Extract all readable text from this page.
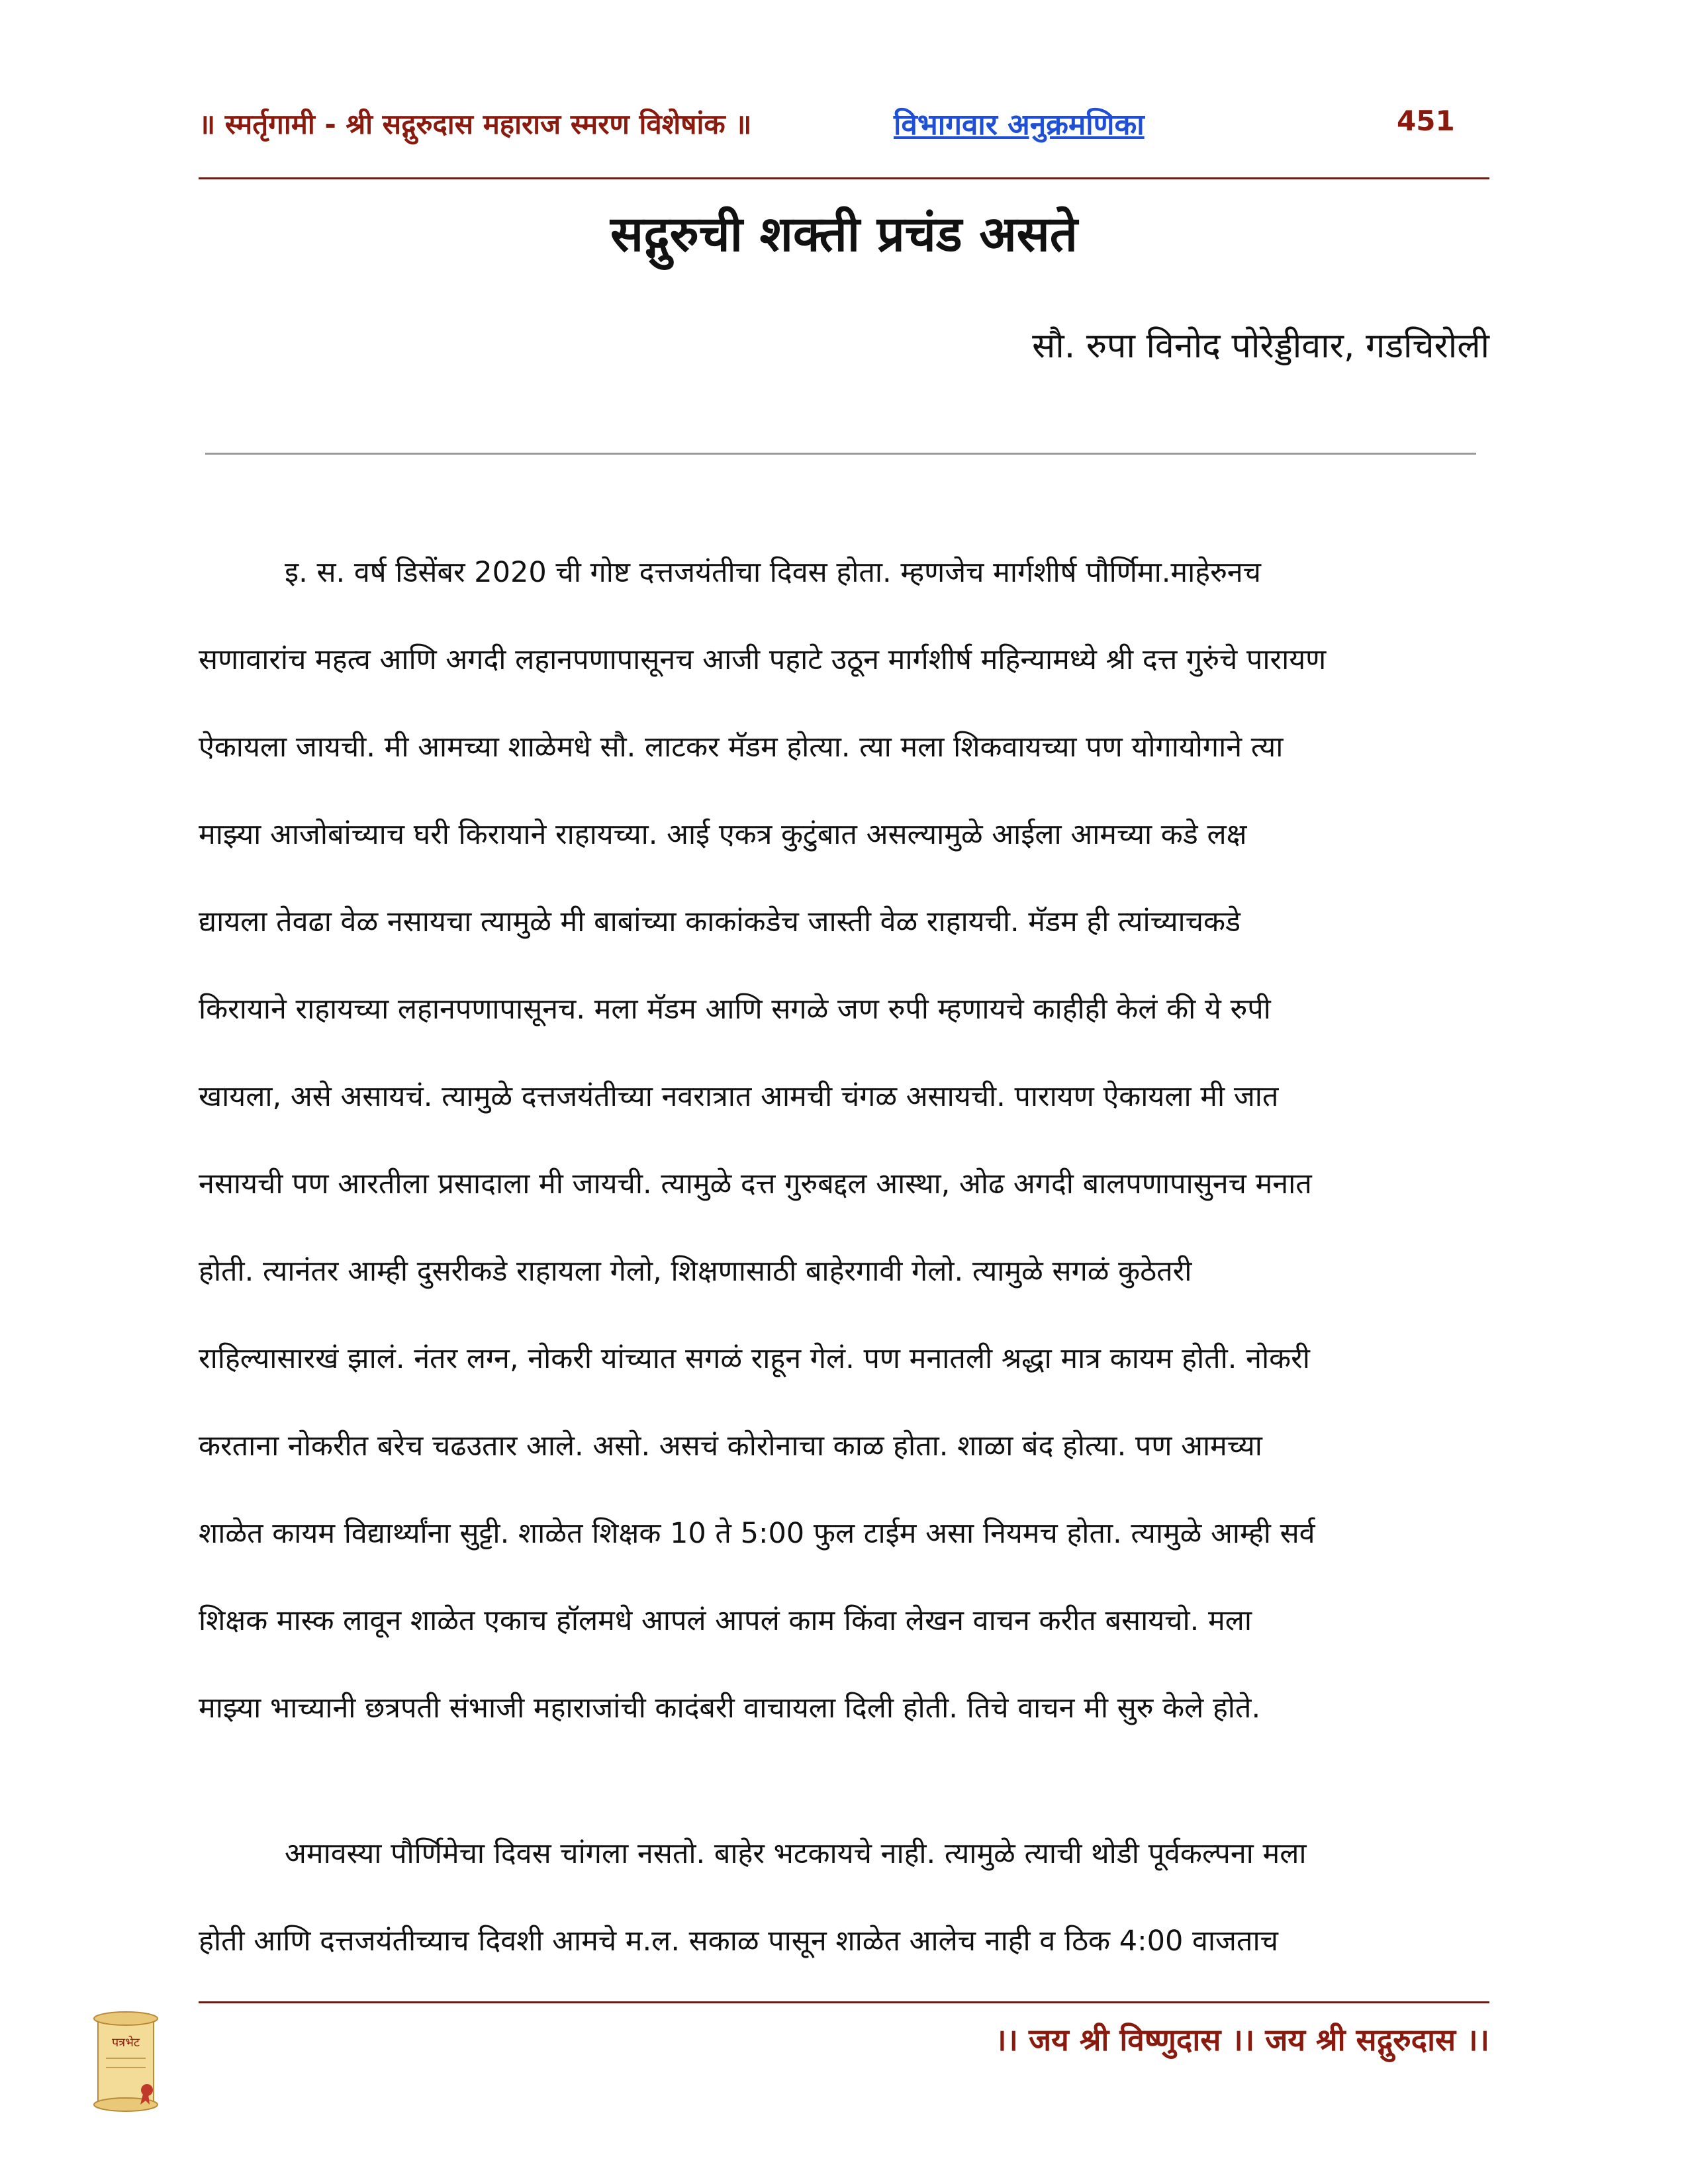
॥ स्मर्तृगामी - श्री सद्गुरुदास महाराज स्मरण विशेषांक ॥	विभागवार अनुक्रमणिका	451
सद्गुरुची शक्ती प्रचंड असते
सौ. रुपा विनोद पोरेड्डीवार, गडचिरोली
इ. स. वर्ष डिसेंबर 2020 ची गोष्ट दत्तजयंतीचा दिवस होता. म्हणजेच मार्गशीर्ष पौर्णिमा.माहेरुनच
सणावारांच महत्व आणि अगदी लहानपणापासूनच आजी पहाटे उठून मार्गशीर्ष महिन्यामध्ये श्री दत्त गुरुंचे पारायण
ऐकायला जायची. मी आमच्या शाळेमधे सौ. लाटकर मॅडम होत्या. त्या मला शिकवायच्या पण योगायोगाने त्या
माझ्या आजोबांच्याच घरी किरायाने राहायच्या. आई एकत्र कुटुंबात असल्यामुळे आईला आमच्या कडे लक्ष
द्यायला तेवढा वेळ नसायचा त्यामुळे मी बाबांच्या काकांकडेच जास्ती वेळ राहायची. मॅडम ही त्यांच्याचकडे
किरायाने राहायच्या लहानपणापासूनच. मला मॅडम आणि सगळे जण रुपी म्हणायचे काहीही केलं की ये रुपी
खायला, असे असायचं. त्यामुळे दत्तजयंतीच्या नवरात्रात आमची चंगळ असायची. पारायण ऐकायला मी जात
नसायची पण आरतीला प्रसादाला मी जायची. त्यामुळे दत्त गुरुबद्दल आस्था, ओढ अगदी बालपणापासुनच मनात
होती. त्यानंतर आम्ही दुसरीकडे राहायला गेलो, शिक्षणासाठी बाहेरगावी गेलो. त्यामुळे सगळं कुठेतरी
राहिल्यासारखं झालं. नंतर लग्न, नोकरी यांच्यात सगळं राहून गेलं. पण मनातली श्रद्धा मात्र कायम होती. नोकरी
करताना नोकरीत बरेच चढउतार आले. असो. असचं कोरोनाचा काळ होता. शाळा बंद होत्या. पण आमच्या
शाळेत कायम विद्यार्थ्यांना सुट्टी. शाळेत शिक्षक 10 ते 5:00 फुल टाईम असा नियमच होता. त्यामुळे आम्ही सर्व
शिक्षक मास्क लावून शाळेत एकाच हॉलमधे आपलं आपलं काम किंवा लेखन वाचन करीत बसायचो. मला
माझ्या भाच्यानी छत्रपती संभाजी महाराजांची कादंबरी वाचायला दिली होती. तिचे वाचन मी सुरु केले होते.
अमावस्या पौर्णिमेचा दिवस चांगला नसतो. बाहेर भटकायचे नाही. त्यामुळे त्याची थोडी पूर्वकल्पना मला
होती आणि दत्तजयंतीच्याच दिवशी आमचे म.ल. सकाळ पासून शाळेत आलेच नाही व ठिक 4:00 वाजताच
पत्रभेट	।। जय श्री विष्णुदास ।। जय श्री सद्गुरुदास ।।
